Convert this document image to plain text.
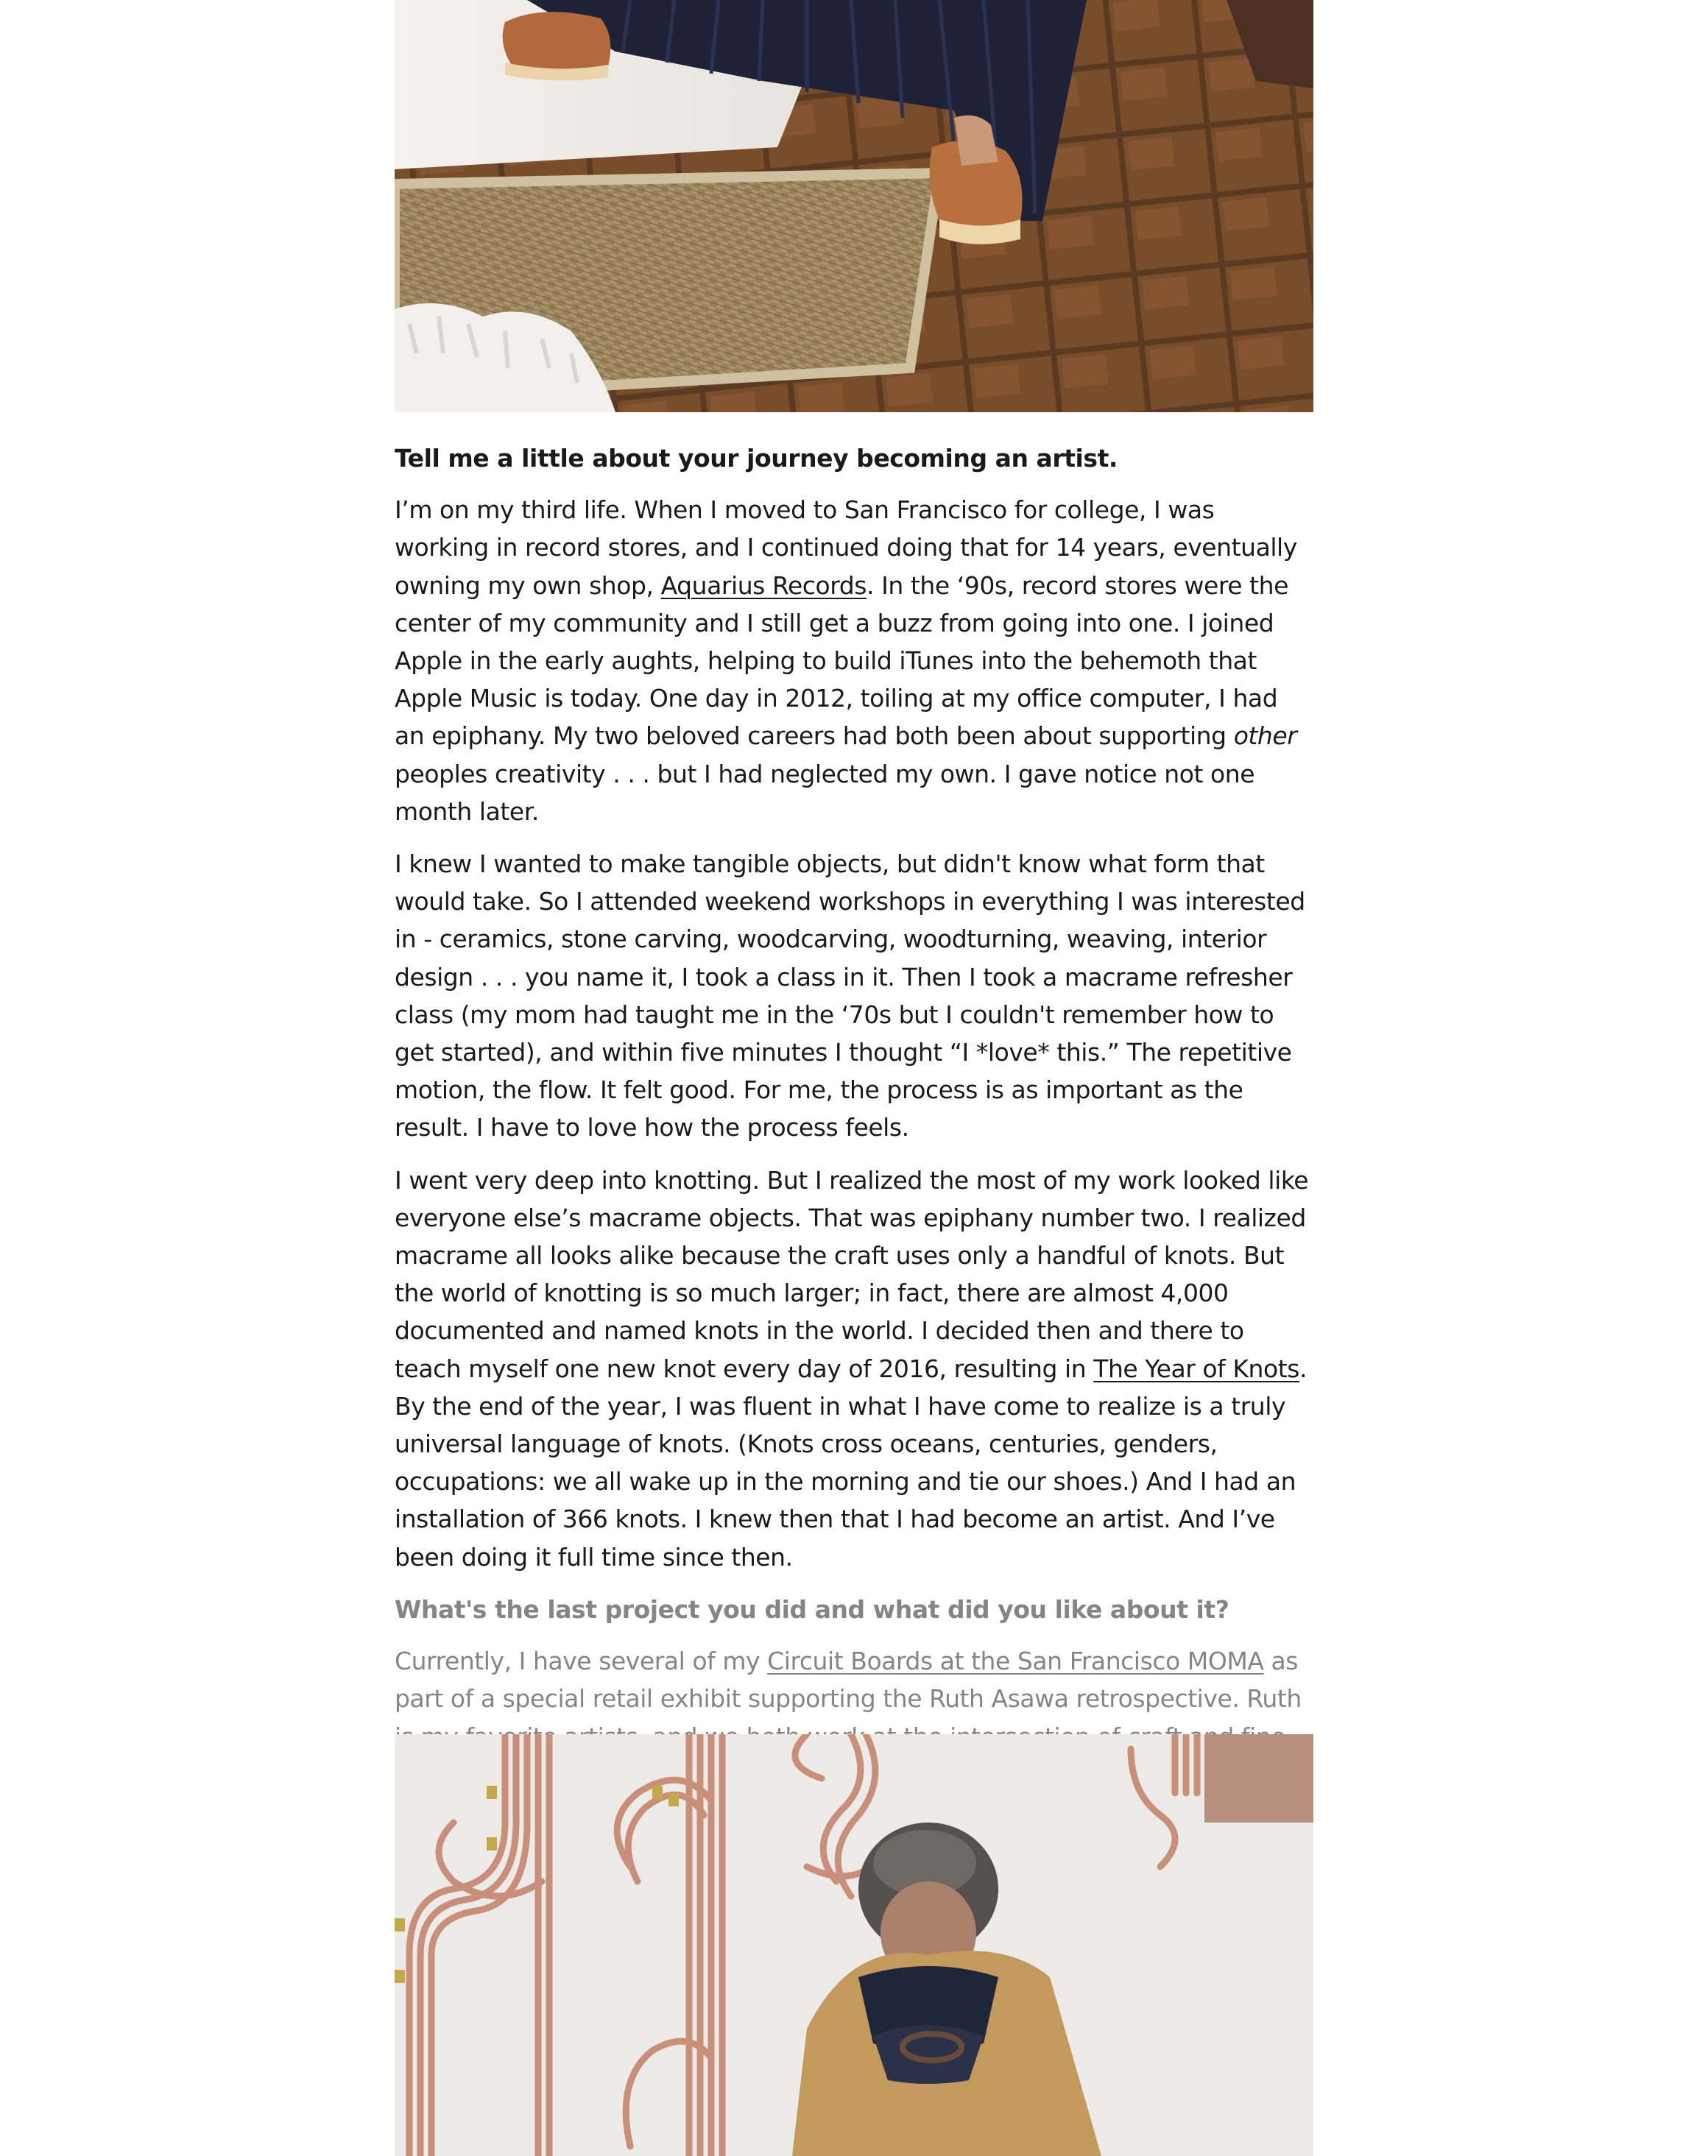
Tell me a little about your journey becoming an artist.

I’m on my third life. When I moved to San Francisco for college, I was working in record stores, and I continued doing that for 14 years, eventually owning my own shop, Aquarius Records. In the ‘90s, record stores were the center of my community and I still get a buzz from going into one. I joined Apple in the early aughts, helping to build iTunes into the behemoth that Apple Music is today. One day in 2012, toiling at my office computer, I had an epiphany. My two beloved careers had both been about supporting other peoples creativity . . . but I had neglected my own. I gave notice not one month later.

I knew I wanted to make tangible objects, but didn't know what form that would take. So I attended weekend workshops in everything I was interested in - ceramics, stone carving, woodcarving, woodturning, weaving, interior design . . . you name it, I took a class in it. Then I took a macrame refresher class (my mom had taught me in the ‘70s but I couldn't remember how to get started), and within five minutes I thought “I *love* this.” The repetitive motion, the flow. It felt good. For me, the process is as important as the result. I have to love how the process feels.

I went very deep into knotting. But I realized the most of my work looked like everyone else’s macrame objects. That was epiphany number two. I realized macrame all looks alike because the craft uses only a handful of knots. But the world of knotting is so much larger; in fact, there are almost 4,000 documented and named knots in the world. I decided then and there to teach myself one new knot every day of 2016, resulting in The Year of Knots. By the end of the year, I was fluent in what I have come to realize is a truly universal language of knots. (Knots cross oceans, centuries, genders, occupations: we all wake up in the morning and tie our shoes.) And I had an installation of 366 knots. I knew then that I had become an artist. And I’ve been doing it full time since then.

What's the last project you did and what did you like about it?

Currently, I have several of my Circuit Boards at the San Francisco MOMA as part of a special retail exhibit supporting the Ruth Asawa retrospective. Ruth
